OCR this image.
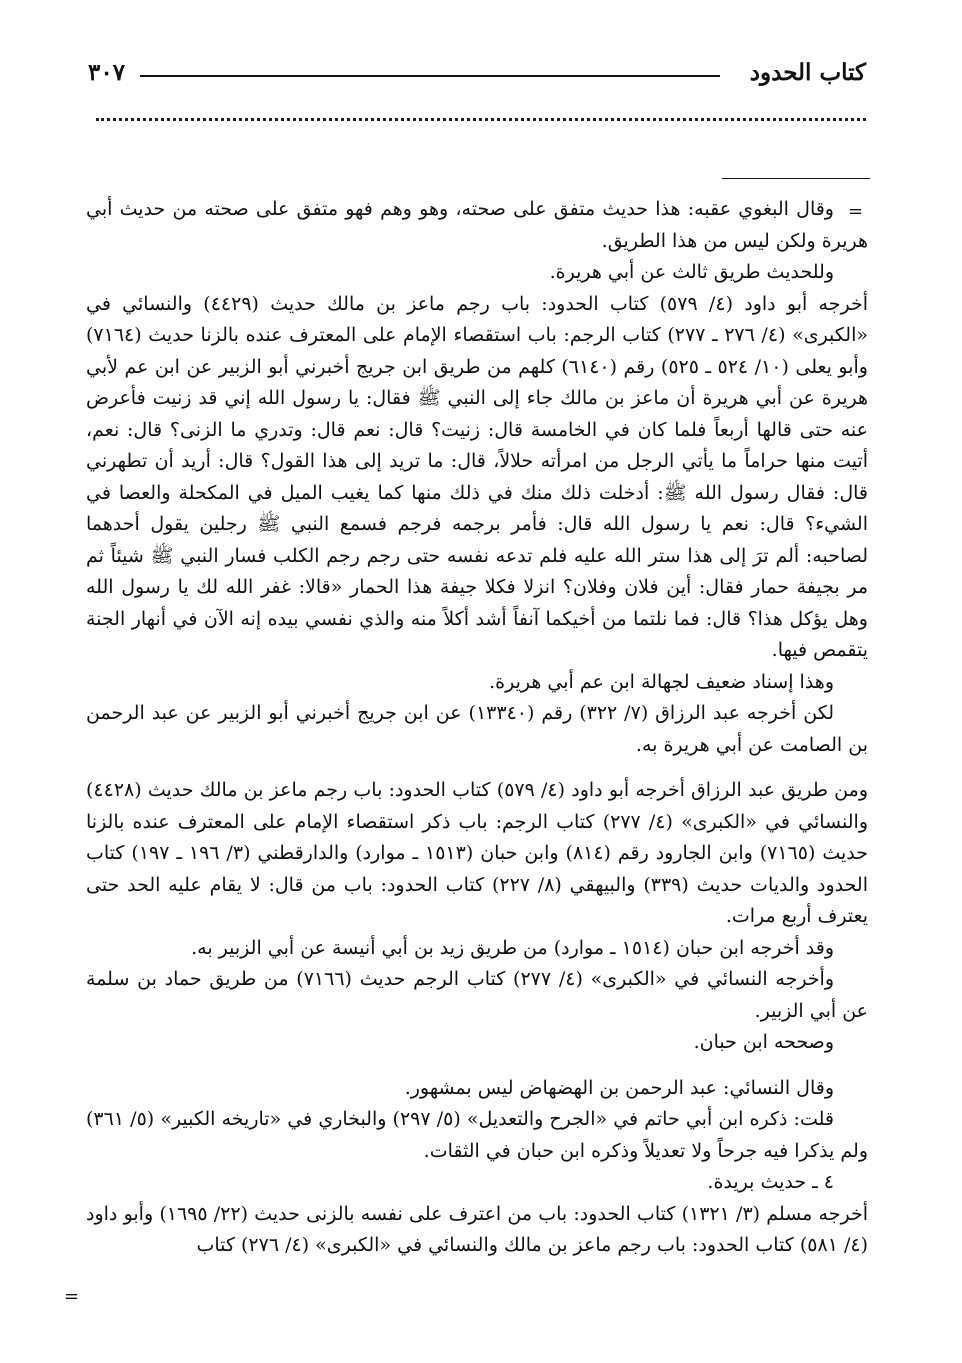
كتاب الحدود
٣٠٧
=
=

وقال البغوي عقبه: هذا حديث متفق على صحته، وهو وهم فهو متفق على صحته من حديث أبي هريرة ولكن ليس من هذا الطريق.

وللحديث طريق ثالث عن أبي هريرة.

أخرجه أبو داود (٤/ ٥٧٩) كتاب الحدود: باب رجم ماعز بن مالك حديث (٤٤٢٩) والنسائي في «الكبرى» (٤/ ٢٧٦ ـ ٢٧٧) كتاب الرجم: باب استقصاء الإمام على المعترف عنده بالزنا حديث (٧١٦٤) وأبو يعلى (١٠/ ٥٢٤ ـ ٥٢٥) رقم (٦١٤٠) كلهم من طريق ابن جريج أخبرني أبو الزبير عن ابن عم لأبي هريرة عن أبي هريرة أن ماعز بن مالك جاء إلى النبي ﷺ فقال: يا رسول الله إني قد زنيت فأعرض عنه حتى قالها أربعاً فلما كان في الخامسة قال: زنيت؟ قال: نعم قال: وتدري ما الزنى؟ قال: نعم، أتيت منها حراماً ما يأتي الرجل من امرأته حلالاً، قال: ما تريد إلى هذا القول؟ قال: أريد أن تطهرني قال: فقال رسول الله ﷺ: أدخلت ذلك منك في ذلك منها كما يغيب الميل في المكحلة والعصا في الشيء؟ قال: نعم يا رسول الله قال: فأمر برجمه فرجم فسمع النبي ﷺ رجلين يقول أحدهما لصاحبه: ألم ترَ إلى هذا ستر الله عليه فلم تدعه نفسه حتى رجم رجم الكلب فسار النبي ﷺ شيئاً ثم مر بجيفة حمار فقال: أين فلان وفلان؟ انزلا فكلا جيفة هذا الحمار «قالا: غفر الله لك يا رسول الله وهل يؤكل هذا؟ قال: فما نلتما من أخيكما آنفاً أشد أكلاً منه والذي نفسي بيده إنه الآن في أنهار الجنة يتقمص فيها.

وهذا إسناد ضعيف لجهالة ابن عم أبي هريرة.

لكن أخرجه عبد الرزاق (٧/ ٣٢٢) رقم (١٣٣٤٠) عن ابن جريج أخبرني أبو الزبير عن عبد الرحمن بن الصامت عن أبي هريرة به.

ومن طريق عبد الرزاق أخرجه أبو داود (٤/ ٥٧٩) كتاب الحدود: باب رجم ماعز بن مالك حديث (٤٤٢٨) والنسائي في «الكبرى» (٤/ ٢٧٧) كتاب الرجم: باب ذكر استقصاء الإمام على المعترف عنده بالزنا حديث (٧١٦٥) وابن الجارود رقم (٨١٤) وابن حبان (١٥١٣ ـ موارد) والدارقطني (٣/ ١٩٦ ـ ١٩٧) كتاب الحدود والديات حديث (٣٣٩) والبيهقي (٨/ ٢٢٧) كتاب الحدود: باب من قال: لا يقام عليه الحد حتى يعترف أربع مرات.

وقد أخرجه ابن حبان (١٥١٤ ـ موارد) من طريق زيد بن أبي أنيسة عن أبي الزبير به.

وأخرجه النسائي في «الكبرى» (٤/ ٢٧٧) كتاب الرجم حديث (٧١٦٦) من طريق حماد بن سلمة عن أبي الزبير.

وصححه ابن حبان.

وقال النسائي: عبد الرحمن بن الهضهاض ليس بمشهور.

قلت: ذكره ابن أبي حاتم في «الجرح والتعديل» (٥/ ٢٩٧) والبخاري في «تاريخه الكبير» (٥/ ٣٦١) ولم يذكرا فيه جرحاً ولا تعديلاً وذكره ابن حبان في الثقات.

٤ ـ حديث بريدة.

أخرجه مسلم (٣/ ١٣٢١) كتاب الحدود: باب من اعترف على نفسه بالزنى حديث (٢٢/ ١٦٩٥) وأبو داود (٤/ ٥٨١) كتاب الحدود: باب رجم ماعز بن مالك والنسائي في «الكبرى» (٤/ ٢٧٦) كتاب
